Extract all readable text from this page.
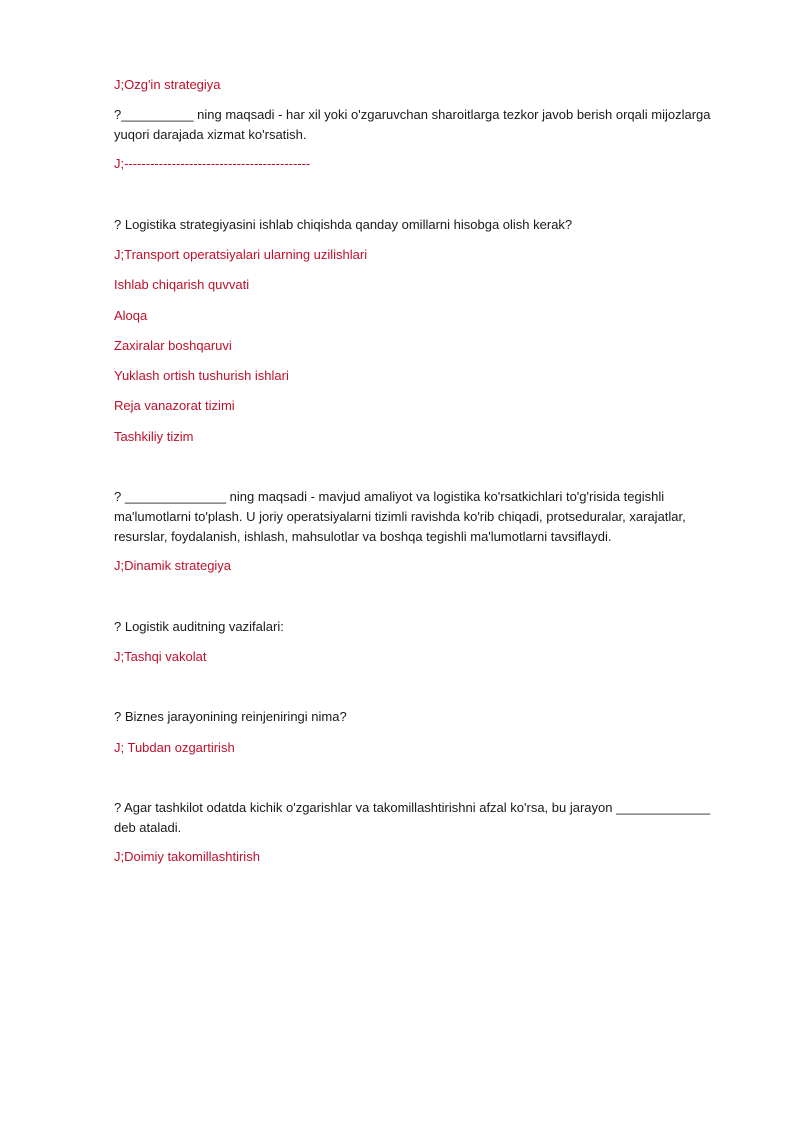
J;Ozg'in strategiya

?__________ ning maqsadi - har xil yoki o'zgaruvchan sharoitlarga tezkor javob berish orqali mijozlarga

yuqori darajada xizmat ko'rsatish.

J;-------------------------------------------

? Logistika strategiyasini ishlab chiqishda qanday omillarni hisobga olish kerak?

J;Transport operatsiyalari ularning uzilishlari

Ishlab chiqarish quvvati

Aloqa

Zaxiralar boshqaruvi

Yuklash ortish tushurish ishlari

Reja vanazorat tizimi

Tashkiliy tizim

? ______________ ning maqsadi - mavjud amaliyot va logistika ko'rsatkichlari to'g'risida tegishli

ma'lumotlarni to'plash. U joriy operatsiyalarni tizimli ravishda ko'rib chiqadi, protseduralar, xarajatlar,

resurslar, foydalanish, ishlash, mahsulotlar va boshqa tegishli ma'lumotlarni tavsiflaydi.

J;Dinamik strategiya

? Logistik auditning vazifalari:

J;Tashqi vakolat

? Biznes jarayonining reinjeniringi nima?

J; Tubdan ozgartirish

? Agar tashkilot odatda kichik o'zgarishlar va takomillashtirishni afzal ko'rsa, bu jarayon _____________

deb ataladi.

J;Doimiy takomillashtirish
